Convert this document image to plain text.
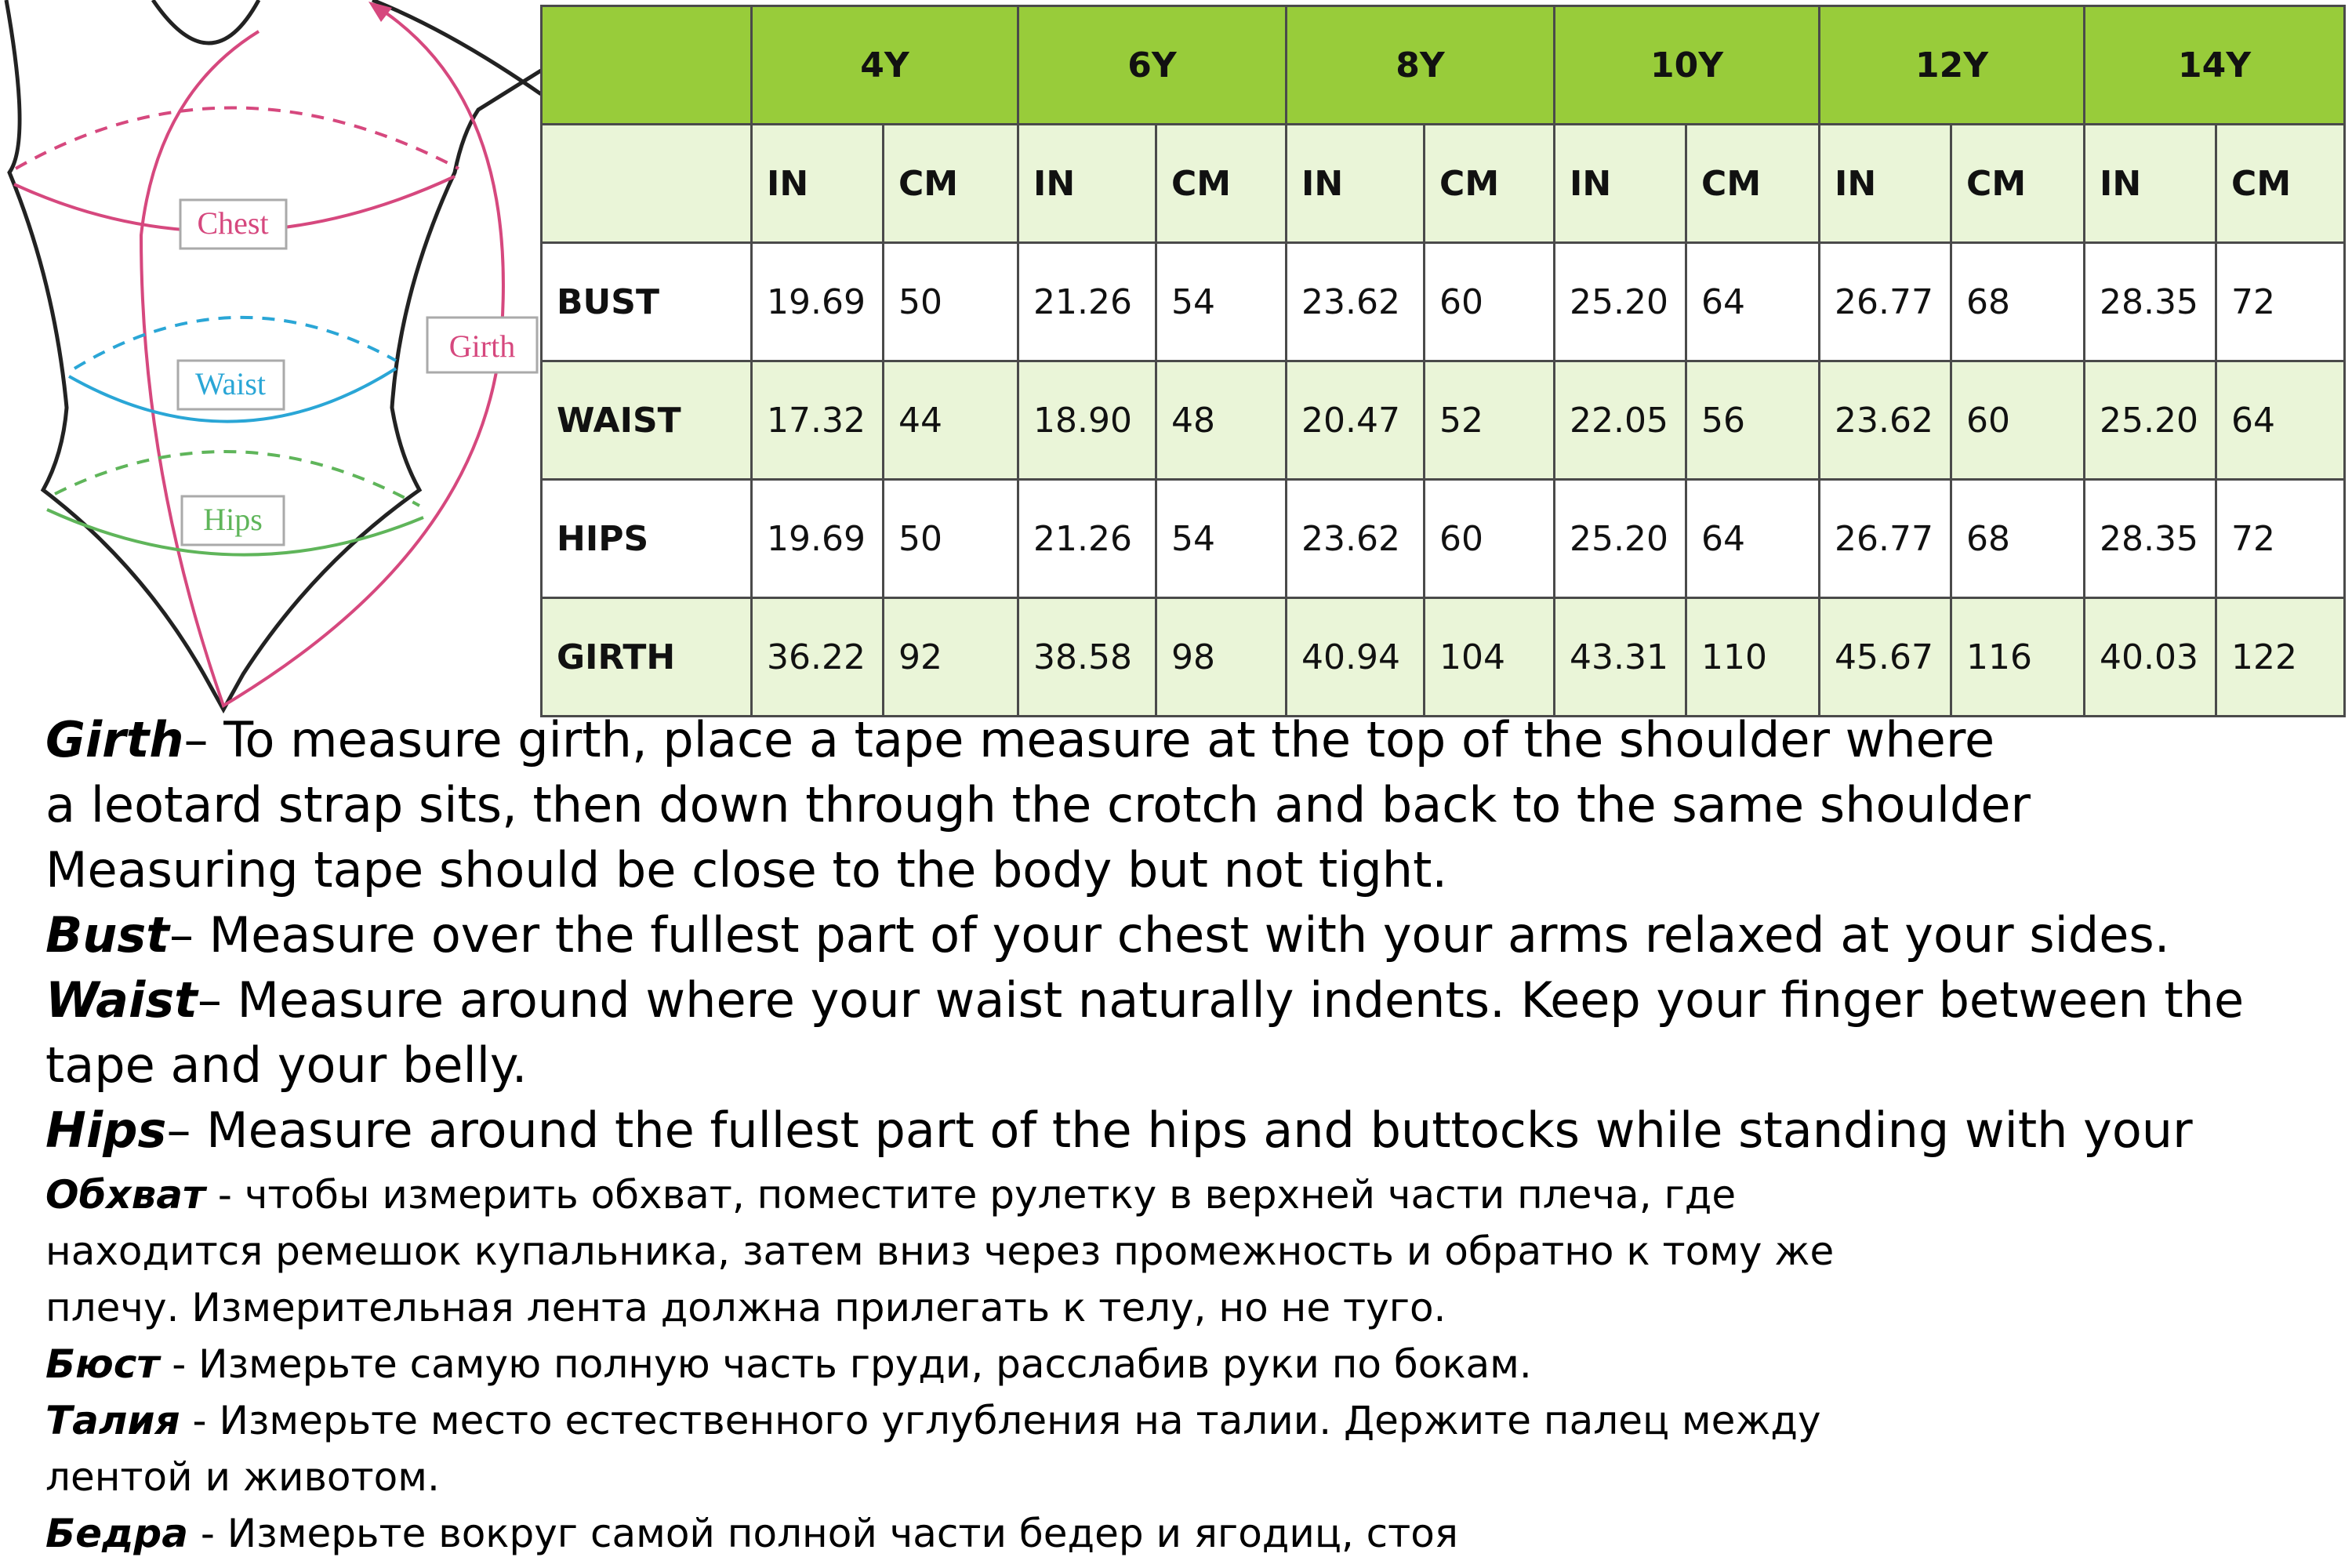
Chest
Waist
Hips
Girth
	4Y		6Y		8Y		10Y		12Y		14Y	
	IN	CM	IN	CM	IN	CM	IN	CM	IN	CM	IN	CM
BUST	19.69	50	21.26	54	23.62	60	25.20	64	26.77	68	28.35	72
WAIST	17.32	44	18.90	48	20.47	52	22.05	56	23.62	60	25.20	64
HIPS	19.69	50	21.26	54	23.62	60	25.20	64	26.77	68	28.35	72
GIRTH	36.22	92	38.58	98	40.94	104	43.31	110	45.67	116	40.03	122
Girth– To measure girth, place a tape measure at the top of the shoulder where
a leotard strap sits, then down through the crotch and back to the same shoulder
Measuring tape should be close to the body but not tight.
Bust– Measure over the fullest part of your chest with your arms relaxed at your sides.
Waist– Measure around where your waist naturally indents. Keep your finger between the
tape and your belly.
Hips– Measure around the fullest part of the hips and buttocks while standing with your
Обхват - чтобы измерить обхват, поместите рулетку в верхней части плеча, где
находится ремешок купальника, затем вниз через промежность и обратно к тому же
плечу. Измерительная лента должна прилегать к телу, но не туго.
Бюст - Измерьте самую полную часть груди, расслабив руки по бокам.
Талия - Измерьте место естественного углубления на талии. Держите палец между
лентой и животом.
Бедра - Измерьте вокруг самой полной части бедер и ягодиц, стоя
